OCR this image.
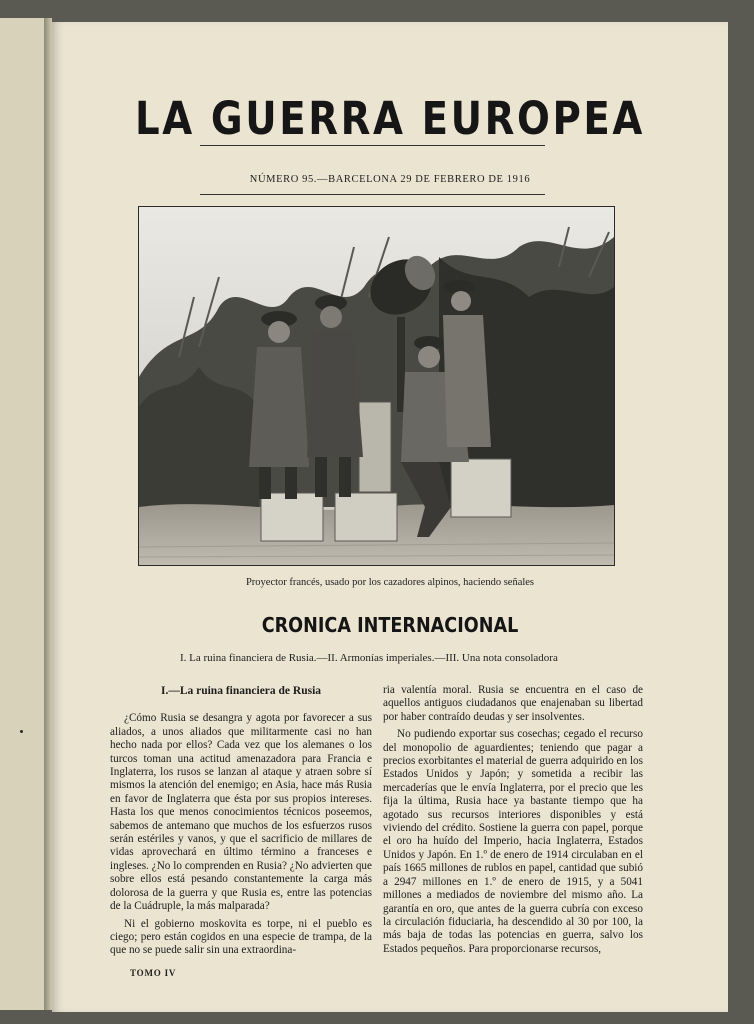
LA GUERRA EUROPEA
NÚMERO 95.—BARCELONA 29 DE FEBRERO DE 1916
Proyector francés, usado por los cazadores alpinos, haciendo señales
CRONICA INTERNACIONAL
I. La ruina financiera de Rusia.—II. Armonías imperiales.—III. Una nota consoladora
I.—La ruina financiera de Rusia

¿Cómo Rusia se desangra y agota por favorecer a sus aliados, a unos aliados que militarmente casi no han hecho nada por ellos? Cada vez que los alemanes o los turcos toman una actitud amenazadora para Francia e Inglaterra, los rusos se lanzan al ataque y atraen sobre sí mismos la atención del enemigo; en Asia, hace más Rusia en favor de Inglaterra que ésta por sus propios intereses. Hasta los que menos conocimientos técnicos poseemos, sabemos de antemano que muchos de los esfuerzos rusos serán estériles y vanos, y que el sacrificio de millares de vidas aprovechará en último término a franceses e ingleses. ¿No lo comprenden en Rusia? ¿No advierten que sobre ellos está pesando constantemente la carga más dolorosa de la guerra y que Rusia es, entre las potencias de la Cuádruple, la más malparada?

Ni el gobierno moskovita es torpe, ni el pueblo es ciego; pero están cogidos en una especie de trampa, de la que no se puede salir sin una extraordina-

ria valentía moral. Rusia se encuentra en el caso de aquellos antiguos ciudadanos que enajenaban su libertad por haber contraído deudas y ser insolventes.

No pudiendo exportar sus cosechas; cegado el recurso del monopolio de aguardientes; teniendo que pagar a precios exorbitantes el material de guerra adquirido en los Estados Unidos y Japón; y sometida a recibir las mercaderías que le envía Inglaterra, por el precio que les fija la última, Rusia hace ya bastante tiempo que ha agotado sus recursos interiores disponibles y está viviendo del crédito. Sostiene la guerra con papel, porque el oro ha huído del Imperio, hacia Inglaterra, Estados Unidos y Japón. En 1.º de enero de 1914 circulaban en el país 1665 millones de rublos en papel, cantidad que subió a 2947 millones en 1.º de enero de 1915, y a 5041 millones a mediados de noviembre del mismo año. La garantía en oro, que antes de la guerra cubría con exceso la circulación fiduciaria, ha descendido al 30 por 100, la más baja de todas las potencias en guerra, salvo los Estados pequeños. Para proporcionarse recursos,

TOMO IV
